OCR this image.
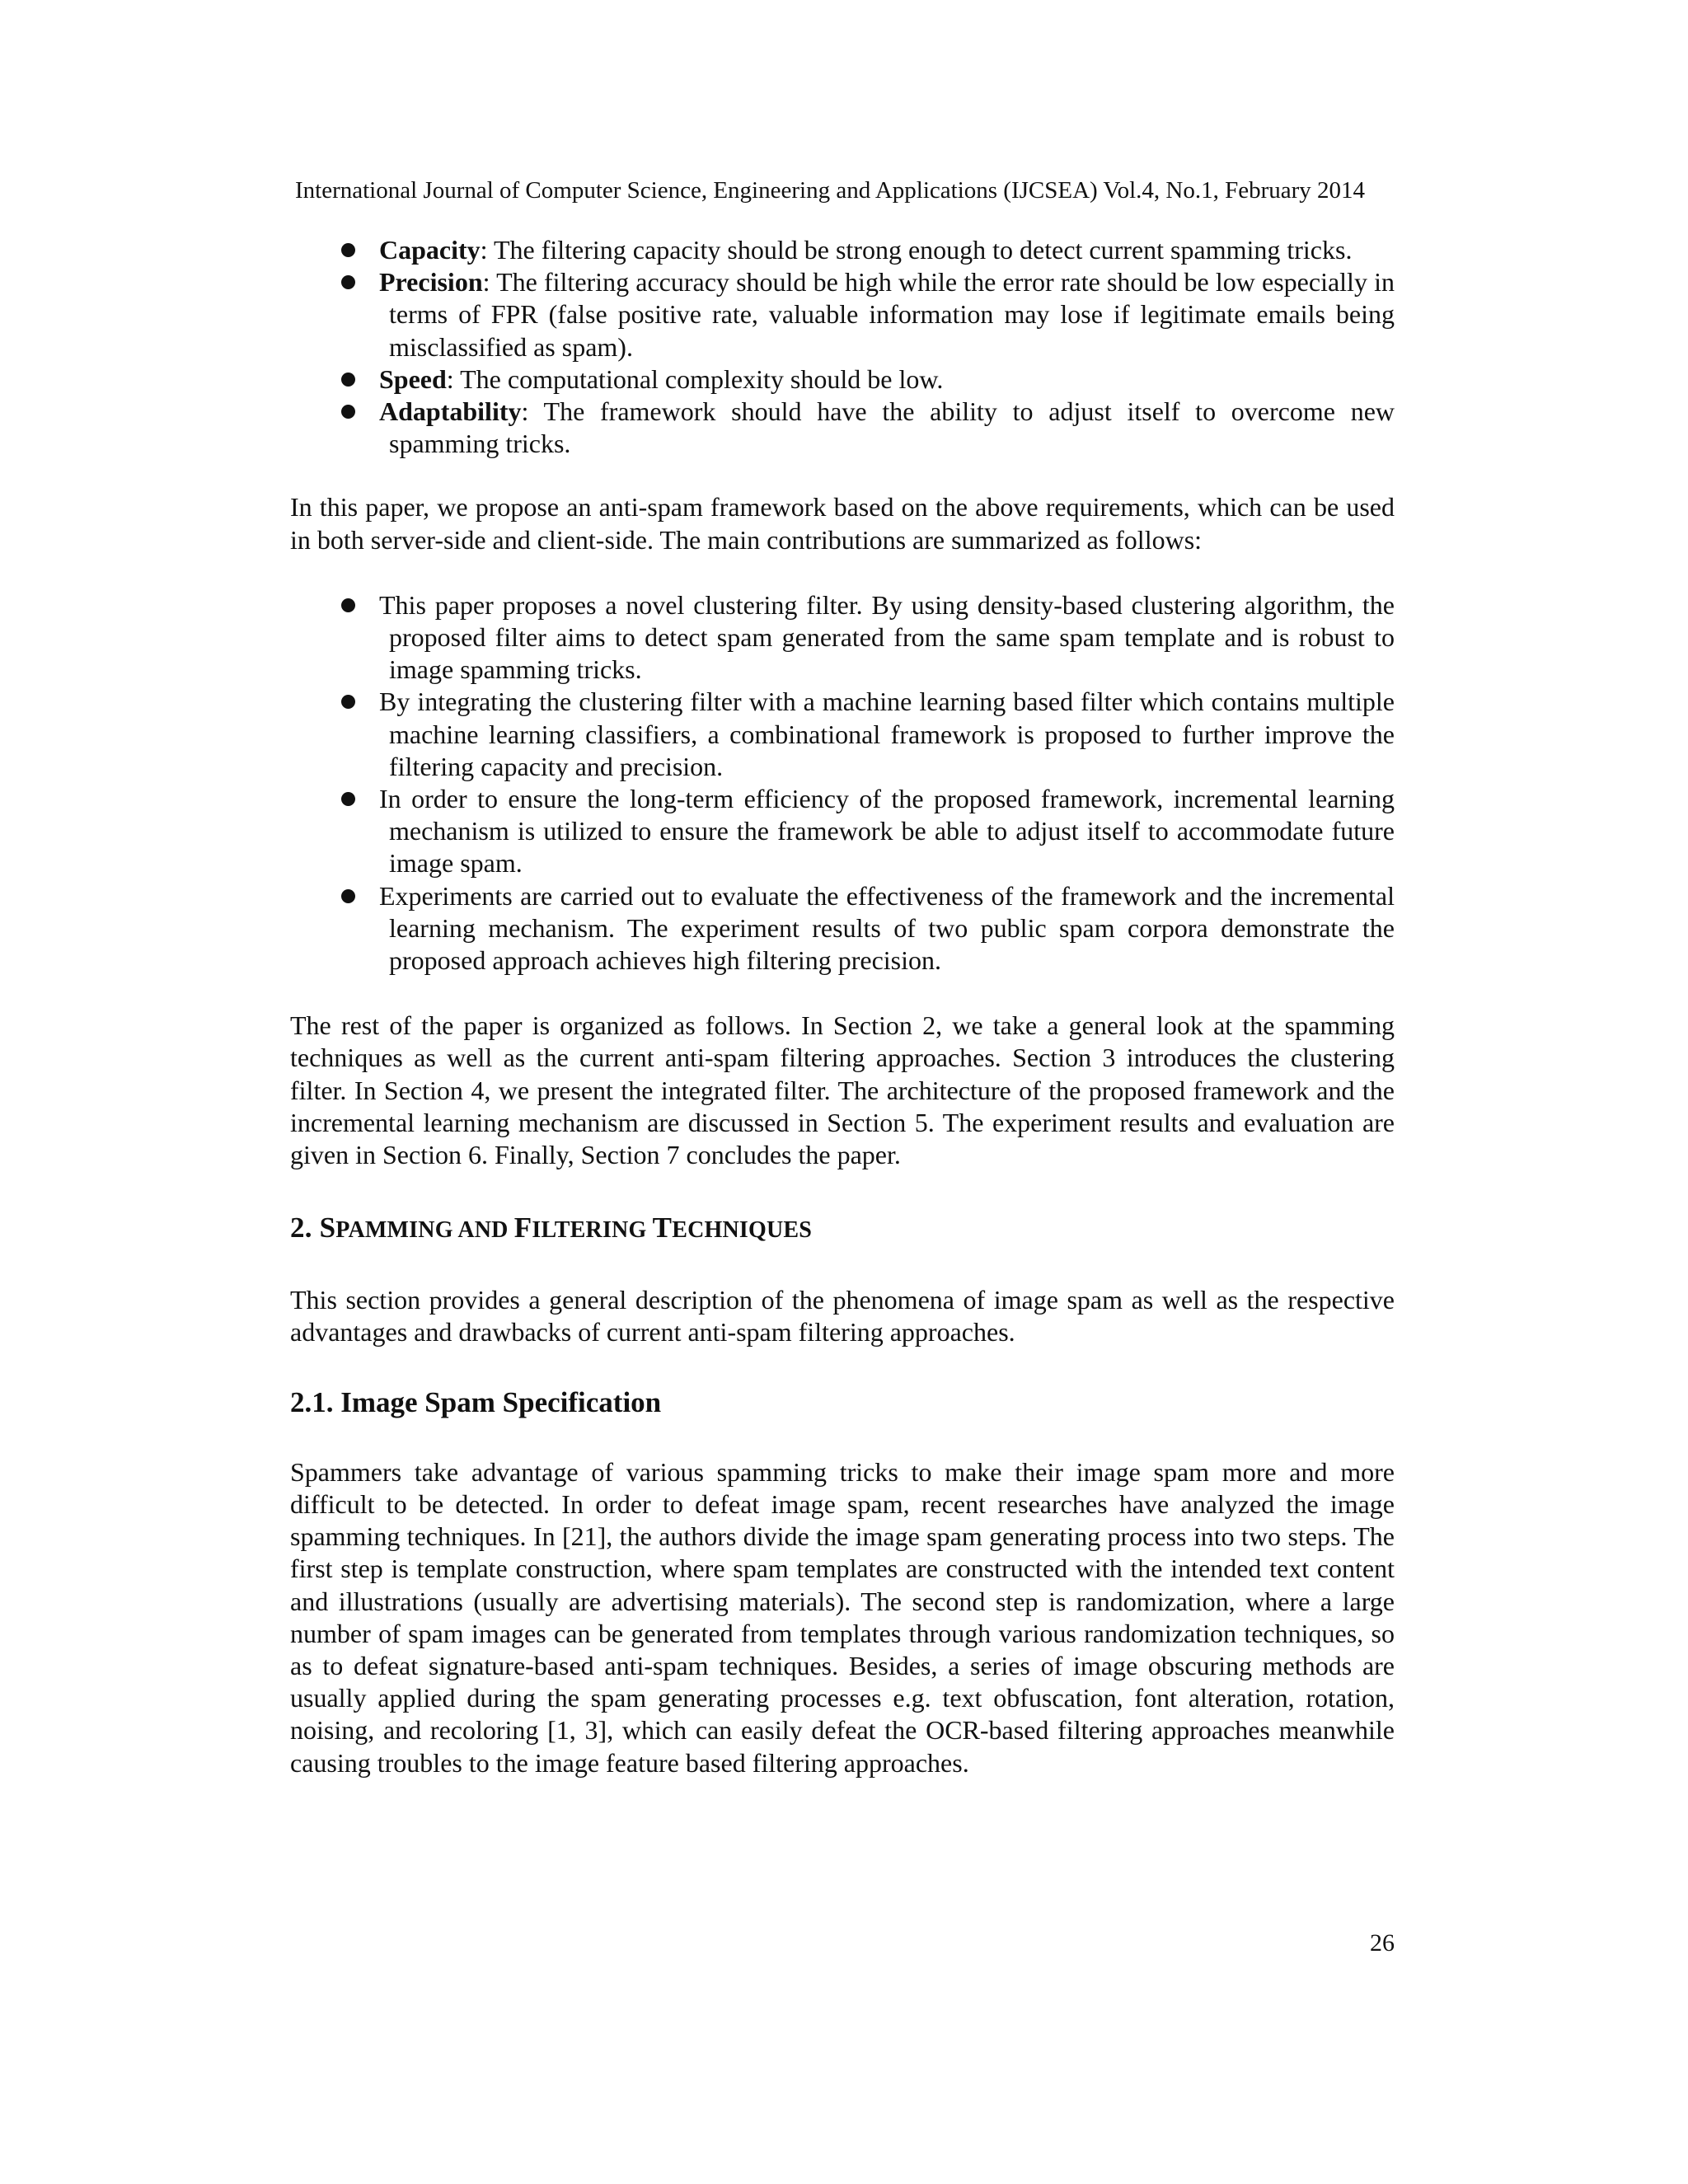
International Journal of Computer Science, Engineering and Applications (IJCSEA) Vol.4, No.1, February 2014
Capacity: The filtering capacity should be strong enough to detect current spamming tricks.
Precision: The filtering accuracy should be high while the error rate should be low especially in terms of FPR (false positive rate, valuable information may lose if legitimate emails being misclassified as spam).
Speed: The computational complexity should be low.
Adaptability: The framework should have the ability to adjust itself to overcome new spamming tricks.

In this paper, we propose an anti-spam framework based on the above requirements, which can be used in both server-side and client-side. The main contributions are summarized as follows:

This paper proposes a novel clustering filter. By using density-based clustering algorithm, the proposed filter aims to detect spam generated from the same spam template and is robust to image spamming tricks.
By integrating the clustering filter with a machine learning based filter which contains multiple machine learning classifiers, a combinational framework is proposed to further improve the filtering capacity and precision.
In order to ensure the long-term efficiency of the proposed framework, incremental learning mechanism is utilized to ensure the framework be able to adjust itself to accommodate future image spam.
Experiments are carried out to evaluate the effectiveness of the framework and the incremental learning mechanism. The experiment results of two public spam corpora demonstrate the proposed approach achieves high filtering precision.

The rest of the paper is organized as follows. In Section 2, we take a general look at the spamming techniques as well as the current anti-spam filtering approaches. Section 3 introduces the clustering filter. In Section 4, we present the integrated filter. The architecture of the proposed framework and the incremental learning mechanism are discussed in Section 5. The experiment results and evaluation are given in Section 6. Finally, Section 7 concludes the paper.

2. SPAMMING AND FILTERING TECHNIQUES

This section provides a general description of the phenomena of image spam as well as the respective advantages and drawbacks of current anti-spam filtering approaches.

2.1. Image Spam Specification

Spammers take advantage of various spamming tricks to make their image spam more and more difficult to be detected. In order to defeat image spam, recent researches have analyzed the image spamming techniques. In [21], the authors divide the image spam generating process into two steps. The first step is template construction, where spam templates are constructed with the intended text content and illustrations (usually are advertising materials). The second step is randomization, where a large number of spam images can be generated from templates through various randomization techniques, so as to defeat signature-based anti-spam techniques. Besides, a series of image obscuring methods are usually applied during the spam generating processes e.g. text obfuscation, font alteration, rotation, noising, and recoloring [1, 3], which can easily defeat the OCR-based filtering approaches meanwhile causing troubles to the image feature based filtering approaches.

26
